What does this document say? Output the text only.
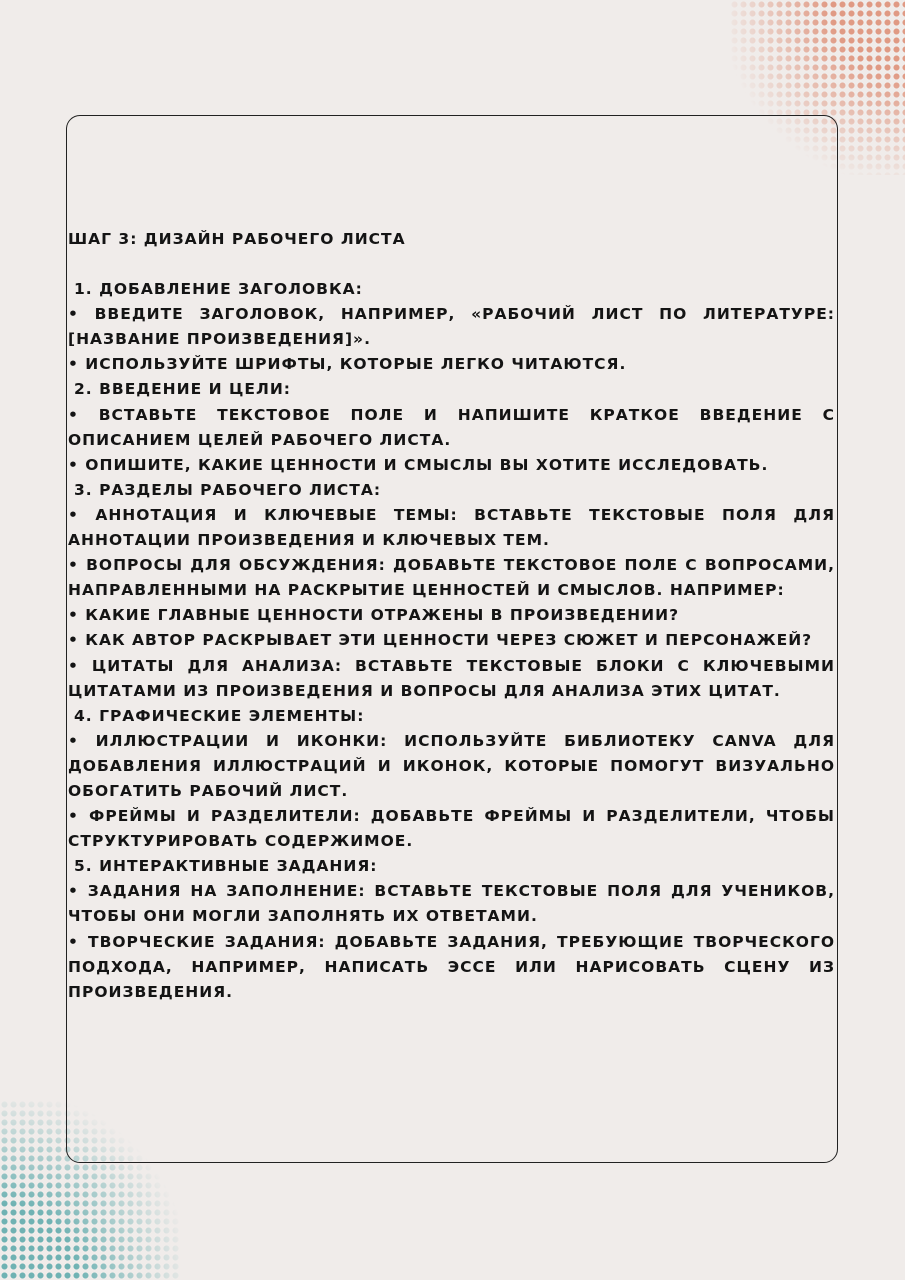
ШАГ 3: ДИЗАЙН РАБОЧЕГО ЛИСТА

1. ДОБАВЛЕНИЕ ЗАГОЛОВКА:

• ВВЕДИТЕ ЗАГОЛОВОК, НАПРИМЕР, «РАБОЧИЙ ЛИСТ ПО ЛИТЕРАТУРЕ: [НАЗВАНИЕ ПРОИЗВЕДЕНИЯ]».

• ИСПОЛЬЗУЙТЕ ШРИФТЫ, КОТОРЫЕ ЛЕГКО ЧИТАЮТСЯ.

2. ВВЕДЕНИЕ И ЦЕЛИ:

• ВСТАВЬТЕ ТЕКСТОВОЕ ПОЛЕ И НАПИШИТЕ КРАТКОЕ ВВЕДЕНИЕ С ОПИСАНИЕМ ЦЕЛЕЙ РАБОЧЕГО ЛИСТА.

• ОПИШИТЕ, КАКИЕ ЦЕННОСТИ И СМЫСЛЫ ВЫ ХОТИТЕ ИССЛЕДОВАТЬ.

3. РАЗДЕЛЫ РАБОЧЕГО ЛИСТА:

• АННОТАЦИЯ И КЛЮЧЕВЫЕ ТЕМЫ: ВСТАВЬТЕ ТЕКСТОВЫЕ ПОЛЯ ДЛЯ АННОТАЦИИ ПРОИЗВЕДЕНИЯ И КЛЮЧЕВЫХ ТЕМ.

• ВОПРОСЫ ДЛЯ ОБСУЖДЕНИЯ: ДОБАВЬТЕ ТЕКСТОВОЕ ПОЛЕ С ВОПРОСАМИ, НАПРАВЛЕННЫМИ НА РАСКРЫТИЕ ЦЕННОСТЕЙ И СМЫСЛОВ. НАПРИМЕР:

• КАКИЕ ГЛАВНЫЕ ЦЕННОСТИ ОТРАЖЕНЫ В ПРОИЗВЕДЕНИИ?

• КАК АВТОР РАСКРЫВАЕТ ЭТИ ЦЕННОСТИ ЧЕРЕЗ СЮЖЕТ И ПЕРСОНАЖЕЙ?

• ЦИТАТЫ ДЛЯ АНАЛИЗА: ВСТАВЬТЕ ТЕКСТОВЫЕ БЛОКИ С КЛЮЧЕВЫМИ ЦИТАТАМИ ИЗ ПРОИЗВЕДЕНИЯ И ВОПРОСЫ ДЛЯ АНАЛИЗА ЭТИХ ЦИТАТ.

4. ГРАФИЧЕСКИЕ ЭЛЕМЕНТЫ:

• ИЛЛЮСТРАЦИИ И ИКОНКИ: ИСПОЛЬЗУЙТЕ БИБЛИОТЕКУ CANVA ДЛЯ ДОБАВЛЕНИЯ ИЛЛЮСТРАЦИЙ И ИКОНОК, КОТОРЫЕ ПОМОГУТ ВИЗУАЛЬНО ОБОГАТИТЬ РАБОЧИЙ ЛИСТ.

• ФРЕЙМЫ И РАЗДЕЛИТЕЛИ: ДОБАВЬТЕ ФРЕЙМЫ И РАЗДЕЛИТЕЛИ, ЧТОБЫ СТРУКТУРИРОВАТЬ СОДЕРЖИМОЕ.

5. ИНТЕРАКТИВНЫЕ ЗАДАНИЯ:

• ЗАДАНИЯ НА ЗАПОЛНЕНИЕ: ВСТАВЬТЕ ТЕКСТОВЫЕ ПОЛЯ ДЛЯ УЧЕНИКОВ, ЧТОБЫ ОНИ МОГЛИ ЗАПОЛНЯТЬ ИХ ОТВЕТАМИ.

• ТВОРЧЕСКИЕ ЗАДАНИЯ: ДОБАВЬТЕ ЗАДАНИЯ, ТРЕБУЮЩИЕ ТВОРЧЕСКОГО ПОДХОДА, НАПРИМЕР, НАПИСАТЬ ЭССЕ ИЛИ НАРИСОВАТЬ СЦЕНУ ИЗ ПРОИЗВЕДЕНИЯ.
